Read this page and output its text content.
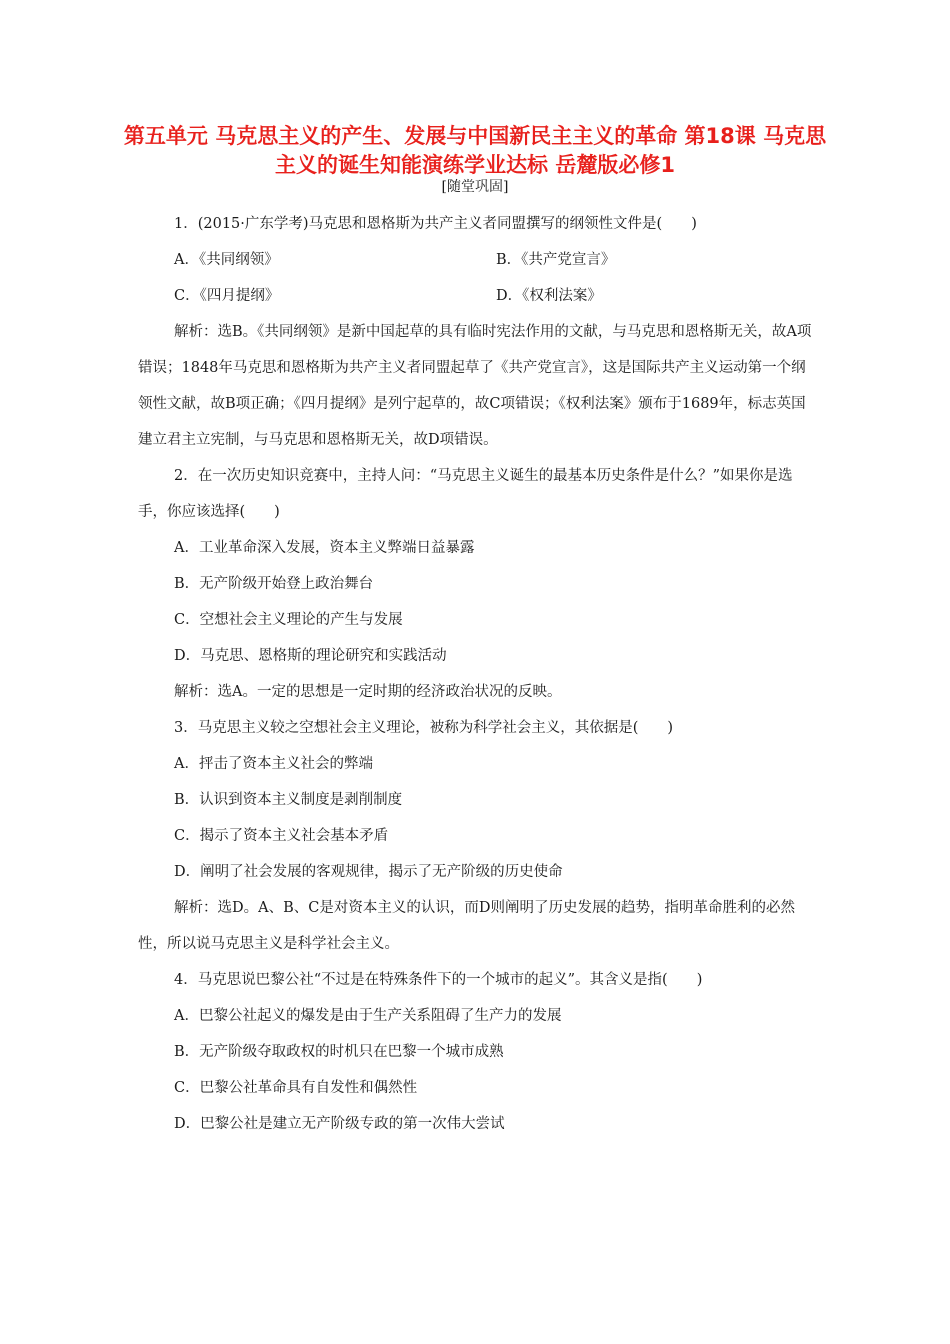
第五单元 马克思主义的产生、发展与中国新民主主义的革命 第18课 马克思主义的诞生知能演练学业达标 岳麓版必修1
[随堂巩固]
1．(2015·广东学考)马克思和恩格斯为共产主义者同盟撰写的纲领性文件是(　　)
A．《共同纲领》	B．《共产党宣言》
C．《四月提纲》	D．《权利法案》

解析：选B。《共同纲领》是新中国起草的具有临时宪法作用的文献，与马克思和恩格斯无关，故A项错误；1848年马克思和恩格斯为共产主义者同盟起草了《共产党宣言》，这是国际共产主义运动第一个纲领性文献，故B项正确；《四月提纲》是列宁起草的，故C项错误；《权利法案》颁布于1689年，标志英国建立君主立宪制，与马克思和恩格斯无关，故D项错误。

2．在一次历史知识竞赛中，主持人问：“马克思主义诞生的最基本历史条件是什么？”如果你是选手，你应该选择(　　)

A．工业革命深入发展，资本主义弊端日益暴露
B．无产阶级开始登上政治舞台
C．空想社会主义理论的产生与发展
D．马克思、恩格斯的理论研究和实践活动
解析：选A。一定的思想是一定时期的经济政治状况的反映。
3．马克思主义较之空想社会主义理论，被称为科学社会主义，其依据是(　　)
A．抨击了资本主义社会的弊端
B．认识到资本主义制度是剥削制度
C．揭示了资本主义社会基本矛盾
D．阐明了社会发展的客观规律，揭示了无产阶级的历史使命

解析：选D。A、B、C是对资本主义的认识，而D则阐明了历史发展的趋势，指明革命胜利的必然性，所以说马克思主义是科学社会主义。

4．马克思说巴黎公社“不过是在特殊条件下的一个城市的起义”。其含义是指(　　)
A．巴黎公社起义的爆发是由于生产关系阻碍了生产力的发展
B．无产阶级夺取政权的时机只在巴黎一个城市成熟
C．巴黎公社革命具有自发性和偶然性
D．巴黎公社是建立无产阶级专政的第一次伟大尝试
